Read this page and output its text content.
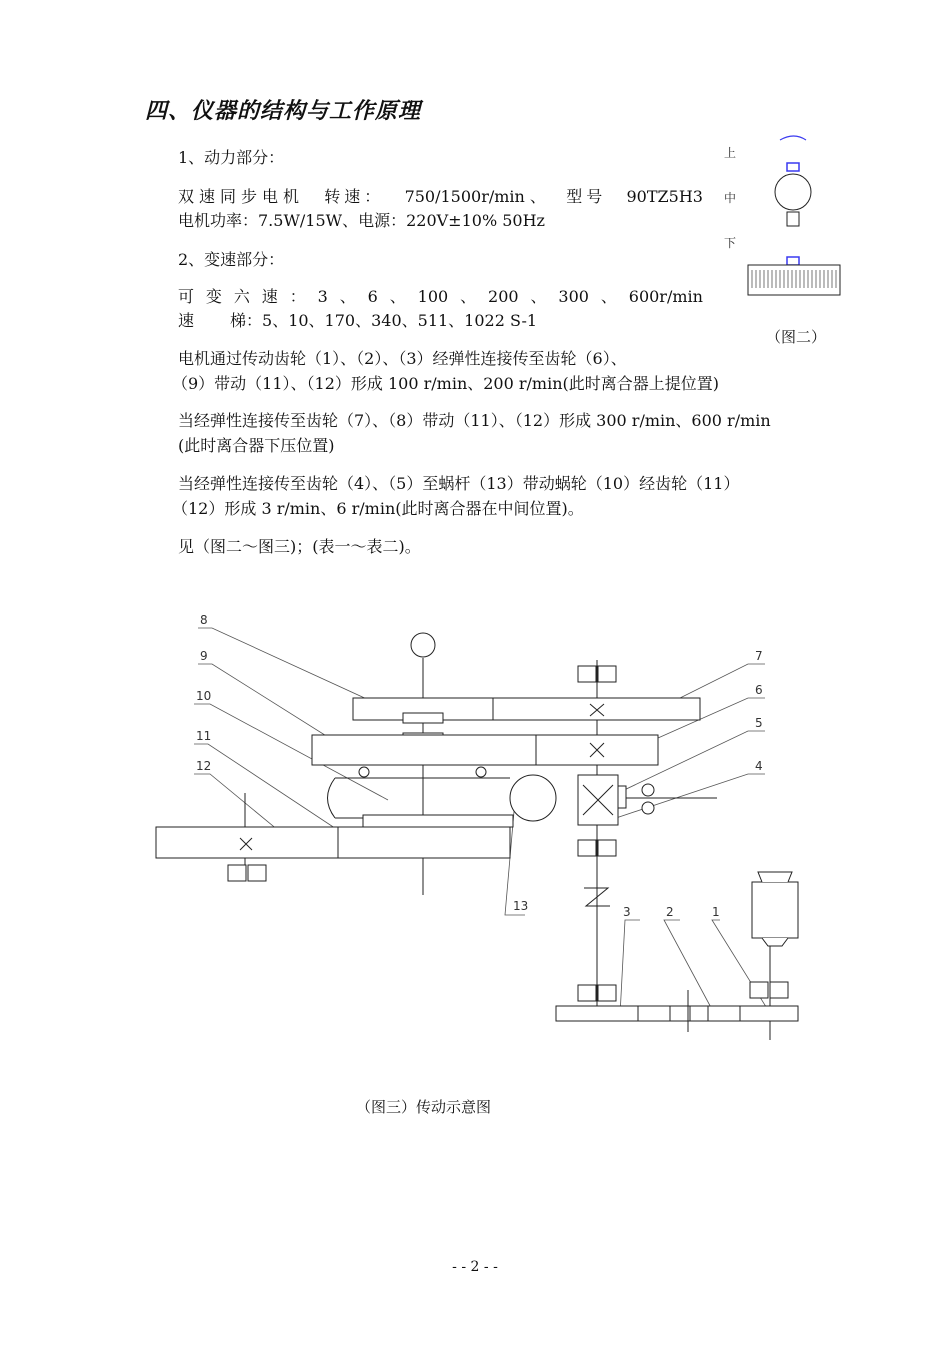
四、仪器的结构与工作原理
1、动力部分：
双速同步电机 转速： 750/1500r/min 、 型号 90TZ5H3
电机功率：7.5W/15W、电源：220V±10% 50Hz
2、变速部分：
可 变 六 速 ： 3 、 6 、 100 、 200 、 300 、 600r/min
速 梯：5、10、170、340、511、1022 S-1
电机通过传动齿轮（1）、（2）、（3）经弹性连接传至齿轮（6）、
（9）带动（11）、（12）形成 100 r/min、200 r/min(此时离合器上提位置)
当经弹性连接传至齿轮（7）、（8）带动（11）、（12）形成 300 r/min、600 r/min
(此时离合器下压位置)
当经弹性连接传至齿轮（4）、（5）至蜗杆（13）带动蜗轮（10）经齿轮（11）
（12）形成 3 r/min、6 r/min(此时离合器在中间位置)。
见（图二～图三)；(表一～表二)。
上
中
下
（图二）
8
9
10
11
12
7
6
5
4
13	3	2	1
（图三）传动示意图
- - 2 - -
